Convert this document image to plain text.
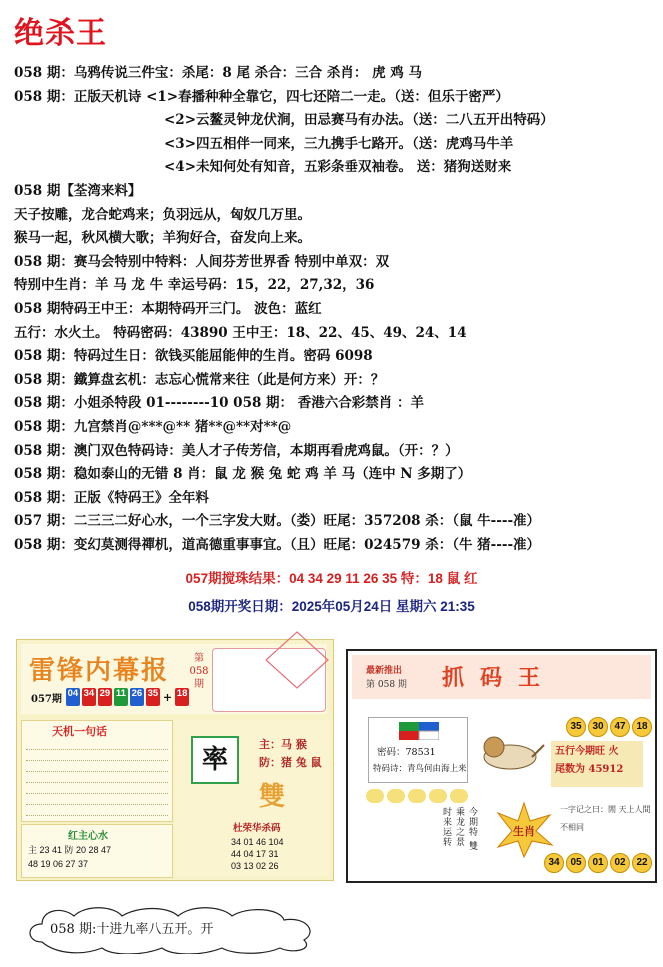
绝杀王
058 期：乌鸦传说三件宝：杀尾：8 尾 杀合：三合 杀肖： 虎 鸡 马
058 期：正版天机诗 <1>春播种种全靠它，四七还陪二一走。（送：但乐于密严）
<2>云鳌灵钟龙伏涧，田忌赛马有办法。（送：二八五开出特码）
<3>四五相伴一同来，三九携手七路开。（送：虎鸡马牛羊
<4>未知何处有知音，五彩条垂双袖卷。 送：猪狗送财来
058 期【荃湾来料】
天子按雕，龙合蛇鸡来；负羽远从，匈奴几万里。
猴马一起，秋风横大歌；羊狗好合，奋发向上来。
058 期：赛马会特别中特料：人间芬芳世界香 特别中单双：双
特别中生肖：羊 马 龙 牛 幸运号码：15，22，27,32，36
058 期特码王中王：本期特码开三门。 波色：蓝红
五行：水火土。 特码密码：43890 王中王：18、22、45、49、24、14
058 期：特码过生日：欲钱买能屈能伸的生肖。密码 6098
058 期：鐵算盘玄机：志忘心慌常来往（此是何方来）开：？
058 期：小姐杀特段 01--------10 058 期： 香港六合彩禁肖 ：羊
058 期：九宫禁肖@***@** 猪**@**对**@
058 期：澳门双色特码诗：美人才子传芳信，本期再看虎鸡鼠。（开：？）
058 期：稳如泰山的无错 8 肖：鼠 龙 猴 兔 蛇 鸡 羊 马（连中 N 多期了）
058 期：正版《特码王》全年料
057 期：二三三二好心水，一个三字发大财。（娄）旺尾：357208 杀：（鼠 牛----准）
058 期：变幻莫测得禪机，道高德重事事宜。（且）旺尾：024579 杀：（牛 猪----准）
057期搅珠结果：04 34 29 11 26 35 特：18 鼠 红
058期开奖日期：2025年05月24日 星期六 21:35
雷锋内幕报	第 058 期
057期 04 34 29 11 26 35 + 18
天机一句话
红主心水
主 23 41 防 20 28 47
48 19 06 27 37
率
主：马 猴
防：猪 兔 鼠
雙
杜荣华杀码
34 01 46 104
44 04 17 31
03 13 02 26
最新推出
第 058 期 抓码王
密码：78531
特码诗：青鸟何由海上来
35	30	47	18
五行今期旺 火
尾数为 45912
今期特 雙 乘龙之景 时来运转	生肖
一字记之曰：閒 天上人間不相同
34	05	01	02	22
058 期:十进九率八五开。开
